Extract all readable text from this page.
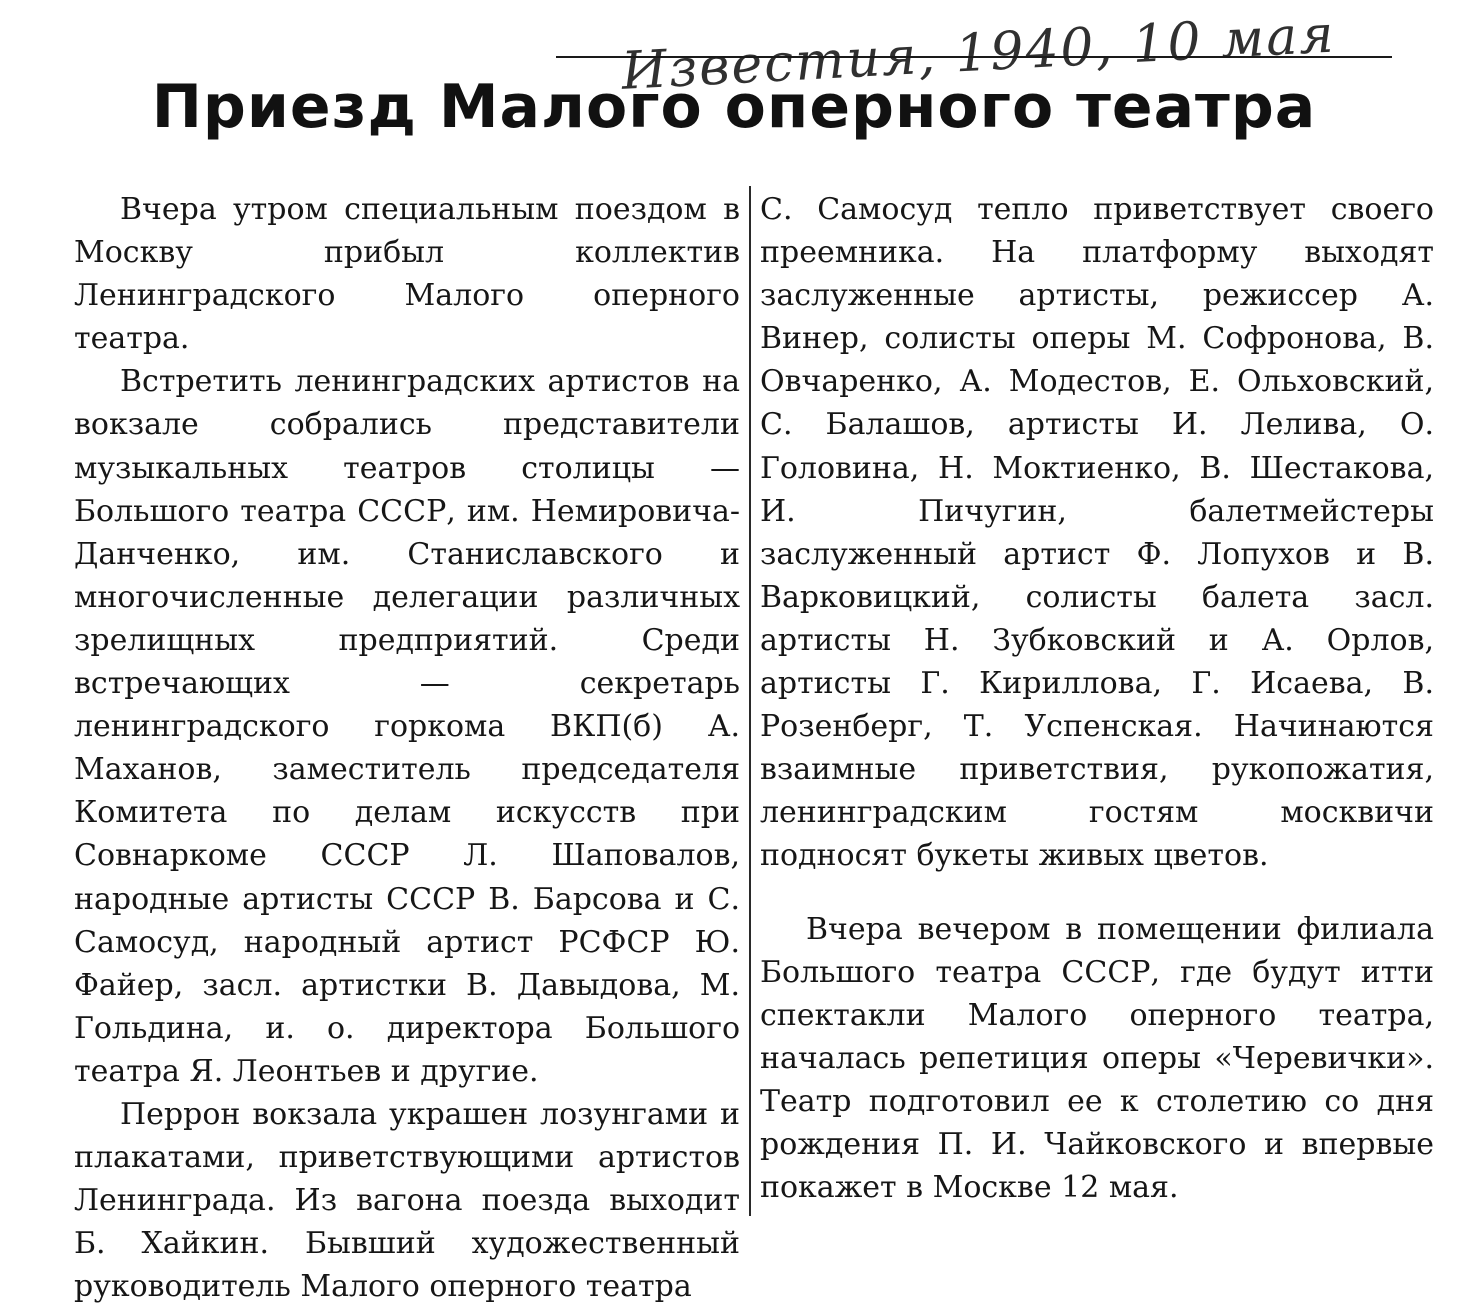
Известия, 1940, 10 мая
Приезд Малого оперного театра

Вчера утром специальным поездом в Москву прибыл коллектив Ленинградского Малого оперного театра.

Встретить ленинградских артистов на вокзале собрались представители музыкальных театров столицы — Большого театра СССР, им. Немировича-Данченко, им. Станиславского и многочисленные делегации различных зрелищных предприятий. Среди встречающих — секретарь ленинградского горкома ВКП(б) А. Маханов, заместитель председателя Комитета по делам искусств при Совнаркоме СССР Л. Шаповалов, народные артисты СССР В. Барсова и С. Самосуд, народный артист РСФСР Ю. Файер, засл. артистки В. Давыдова, М. Гольдина, и. о. директора Большого театра Я. Леонтьев и другие.

Перрон вокзала украшен лозунгами и плакатами, приветствующими артистов Ленинграда. Из вагона поезда выходит Б. Хайкин. Бывший художественный руководитель Малого оперного театра

С. Самосуд тепло приветствует своего преемника. На платформу выходят заслуженные артисты, режиссер А. Винер, солисты оперы М. Софронова, В. Овчаренко, А. Модестов, Е. Ольховский, С. Балашов, артисты И. Лелива, О. Головина, Н. Моктиенко, В. Шестакова, И. Пичугин, балетмейстеры заслуженный артист Ф. Лопухов и В. Варковицкий, солисты балета засл. артисты Н. Зубковский и А. Орлов, артисты Г. Кириллова, Г. Исаева, В. Розенберг, Т. Успенская. Начинаются взаимные приветствия, рукопожатия, ленинградским гостям москвичи подносят букеты живых цветов.

Вчера вечером в помещении филиала Большого театра СССР, где будут итти спектакли Малого оперного театра, началась репетиция оперы «Черевички». Театр подготовил ее к столетию со дня рождения П. И. Чайковского и впервые покажет в Москве 12 мая.
